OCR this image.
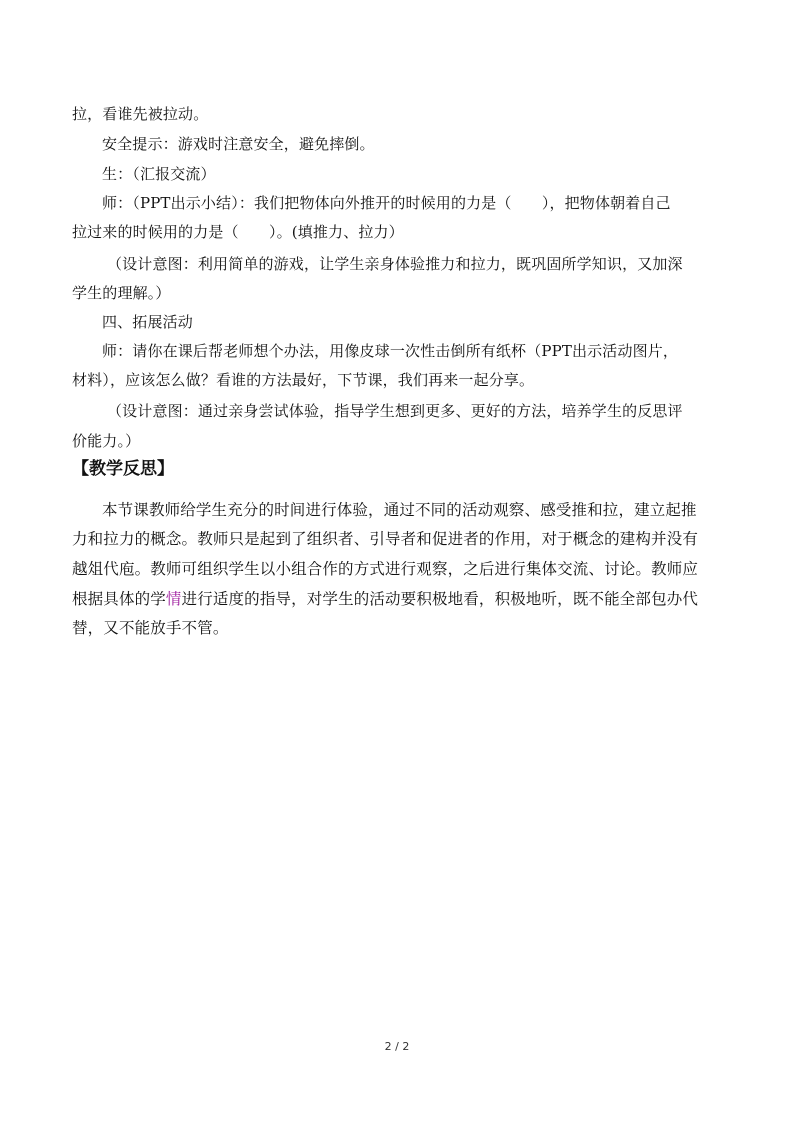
拉，看谁先被拉动。
安全提示：游戏时注意安全，避免摔倒。
生：（汇报交流）
师：（PPT出示小结）：我们把物体向外推开的时候用的力是（　　），把物体朝着自己
拉过来的时候用的力是（　　）。(填推力、拉力）
（设计意图：利用简单的游戏，让学生亲身体验推力和拉力，既巩固所学知识，又加深
学生的理解。）
四、拓展活动
师：请你在课后帮老师想个办法，用像皮球一次性击倒所有纸杯（PPT出示活动图片，
材料），应该怎么做？看谁的方法最好，下节课，我们再来一起分享。
（设计意图：通过亲身尝试体验，指导学生想到更多、更好的方法，培养学生的反思评
价能力。）
【教学反思】
本节课教师给学生充分的时间进行体验，通过不同的活动观察、感受推和拉，建立起推
力和拉力的概念。教师只是起到了组织者、引导者和促进者的作用，对于概念的建构并没有
越俎代庖。教师可组织学生以小组合作的方式进行观察，之后进行集体交流、讨论。教师应
根据具体的学情进行适度的指导，对学生的活动要积极地看，积极地听，既不能全部包办代
替，又不能放手不管。
2 / 2
